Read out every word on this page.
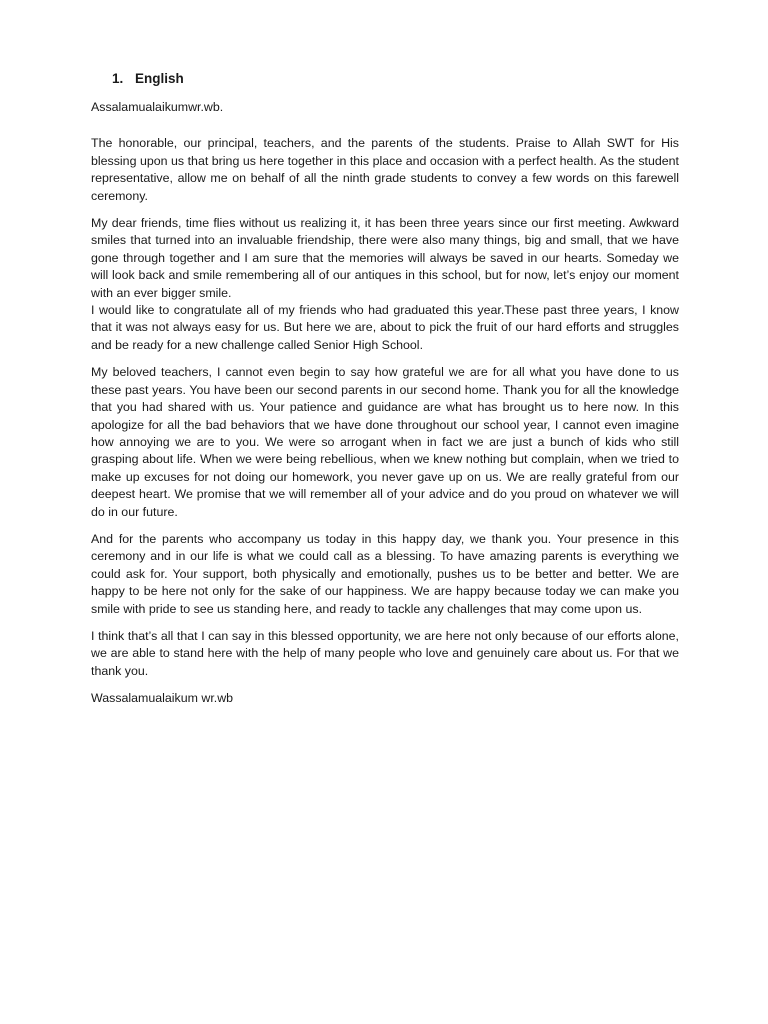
1. English

Assalamualaikumwr.wb.

The honorable, our principal, teachers, and the parents of the students. Praise to Allah SWT for His blessing upon us that bring us here together in this place and occasion with a perfect health. As the student representative, allow me on behalf of all the ninth grade students to convey a few words on this farewell ceremony.

My dear friends, time flies without us realizing it, it has been three years since our first meeting. Awkward smiles that turned into an invaluable friendship, there were also many things, big and small, that we have gone through together and I am sure that the memories will always be saved in our hearts. Someday we will look back and smile remembering all of our antiques in this school, but for now, let’s enjoy our moment with an ever bigger smile.

I would like to congratulate all of my friends who had graduated this year.These past three years, I know that it was not always easy for us. But here we are, about to pick the fruit of our hard efforts and struggles and be ready for a new challenge called Senior High School.

My beloved teachers, I cannot even begin to say how grateful we are for all what you have done to us these past years. You have been our second parents in our second home. Thank you for all the knowledge that you had shared with us. Your patience and guidance are what has brought us to here now. In this apologize for all the bad behaviors that we have done throughout our school year, I cannot even imagine how annoying we are to you. We were so arrogant when in fact we are just a bunch of kids who still grasping about life. When we were being rebellious, when we knew nothing but complain, when we tried to make up excuses for not doing our homework, you never gave up on us. We are really grateful from our deepest heart. We promise that we will remember all of your advice and do you proud on whatever we will do in our future.

And for the parents who accompany us today in this happy day, we thank you. Your presence in this ceremony and in our life is what we could call as a blessing. To have amazing parents is everything we could ask for. Your support, both physically and emotionally, pushes us to be better and better. We are happy to be here not only for the sake of our happiness. We are happy because today we can make you smile with pride to see us standing here, and ready to tackle any challenges that may come upon us.

I think that’s all that I can say in this blessed opportunity, we are here not only because of our efforts alone, we are able to stand here with the help of many people who love and genuinely care about us. For that we thank you.

Wassalamualaikum wr.wb
